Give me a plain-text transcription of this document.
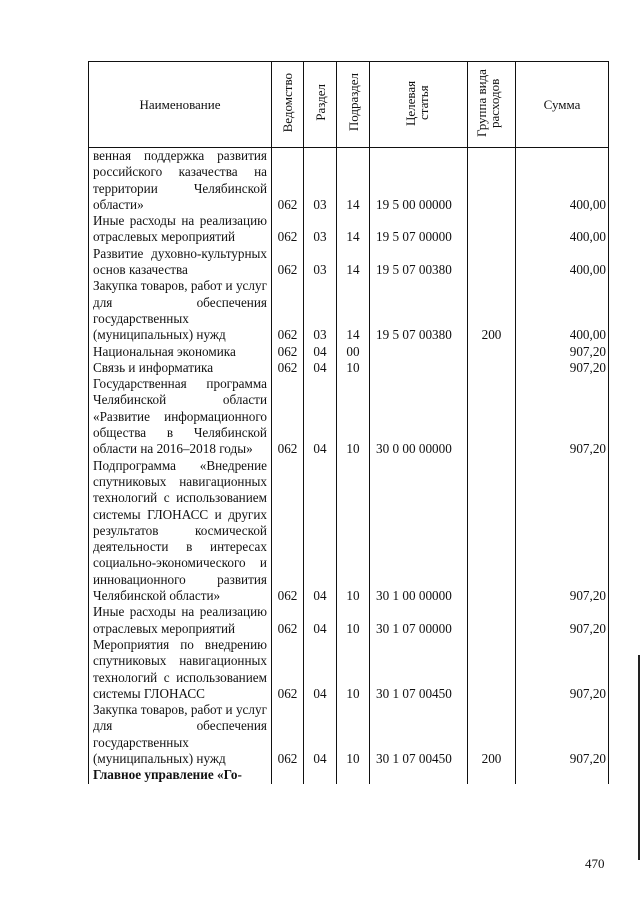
Наименование	Ведомство	Раздел	Подраздел	Целевая статья	Группа вида расходов	Сумма
венная поддержка развития российского казачества на территории Челябинской области»	062	03	14	19 5 00 00000		400,00
Иные расходы на реализацию отраслевых мероприятий	062	03	14	19 5 07 00000		400,00
Развитие духовно-культурных основ казачества	062	03	14	19 5 07 00380		400,00
Закупка товаров, работ и услуг для обеспечения государственных (муниципальных) нужд	062	03	14	19 5 07 00380	200	400,00
Национальная экономика	062	04	00			907,20
Связь и информатика	062	04	10			907,20
Государственная программа Челябинской области «Развитие информационного общества в Челябинской области на 2016–2018 годы»	062	04	10	30 0 00 00000		907,20
Подпрограмма «Внедрение спутниковых навигационных технологий с использованием системы ГЛОНАСС и других результатов космической деятельности в интересах социально-экономического и инновационного развития Челябинской области»	062	04	10	30 1 00 00000		907,20
Иные расходы на реализацию отраслевых мероприятий	062	04	10	30 1 07 00000		907,20
Мероприятия по внедрению спутниковых навигационных технологий с использованием системы ГЛОНАСС	062	04	10	30 1 07 00450		907,20
Закупка товаров, работ и услуг для обеспечения государственных (муниципальных) нужд	062	04	10	30 1 07 00450	200	907,20
Главное управление «Го-						
470
